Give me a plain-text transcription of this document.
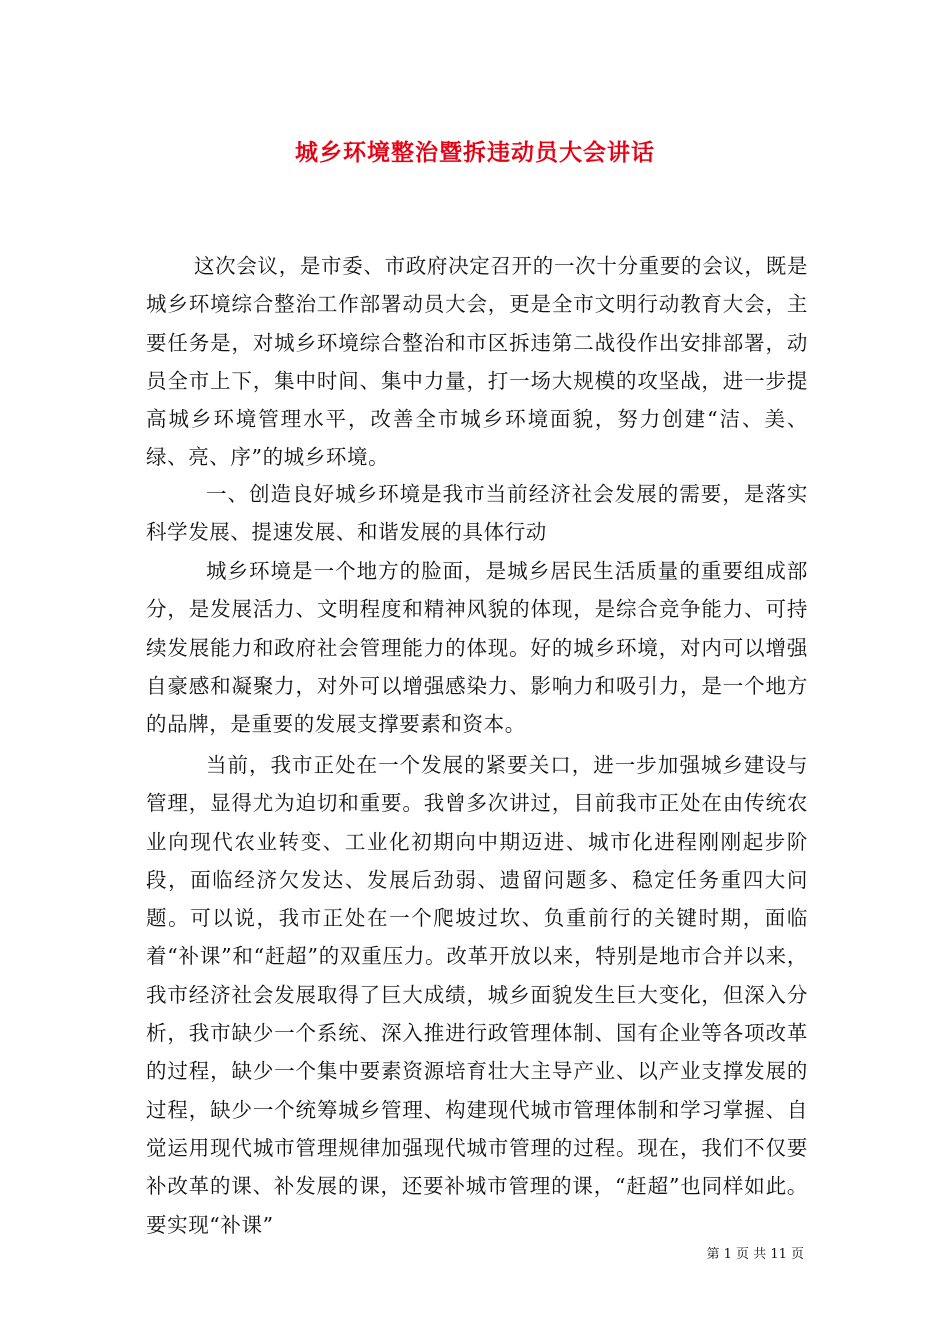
城乡环境整治暨拆违动员大会讲话

这次会议，是市委、市政府决定召开的一次十分重要的会议，既是城乡环境综合整治工作部署动员大会，更是全市文明行动教育大会，主要任务是，对城乡环境综合整治和市区拆违第二战役作出安排部署，动员全市上下，集中时间、集中力量，打一场大规模的攻坚战，进一步提高城乡环境管理水平，改善全市城乡环境面貌，努力创建“洁、美、绿、亮、序”的城乡环境。

一、创造良好城乡环境是我市当前经济社会发展的需要，是落实科学发展、提速发展、和谐发展的具体行动

城乡环境是一个地方的脸面，是城乡居民生活质量的重要组成部分，是发展活力、文明程度和精神风貌的体现，是综合竞争能力、可持续发展能力和政府社会管理能力的体现。好的城乡环境，对内可以增强自豪感和凝聚力，对外可以增强感染力、影响力和吸引力，是一个地方的品牌，是重要的发展支撑要素和资本。

当前，我市正处在一个发展的紧要关口，进一步加强城乡建设与管理，显得尤为迫切和重要。我曾多次讲过，目前我市正处在由传统农业向现代农业转变、工业化初期向中期迈进、城市化进程刚刚起步阶段，面临经济欠发达、发展后劲弱、遗留问题多、稳定任务重四大问题。可以说，我市正处在一个爬坡过坎、负重前行的关键时期，面临着“补课”和“赶超”的双重压力。改革开放以来，特别是地市合并以来，我市经济社会发展取得了巨大成绩，城乡面貌发生巨大变化，但深入分析，我市缺少一个系统、深入推进行政管理体制、国有企业等各项改革的过程，缺少一个集中要素资源培育壮大主导产业、以产业支撑发展的过程，缺少一个统筹城乡管理、构建现代城市管理体制和学习掌握、自觉运用现代城市管理规律加强现代城市管理的过程。现在，我们不仅要补改革的课、补发展的课，还要补城市管理的课，“赶超”也同样如此。要实现“补课”

第 1 页 共 11 页
